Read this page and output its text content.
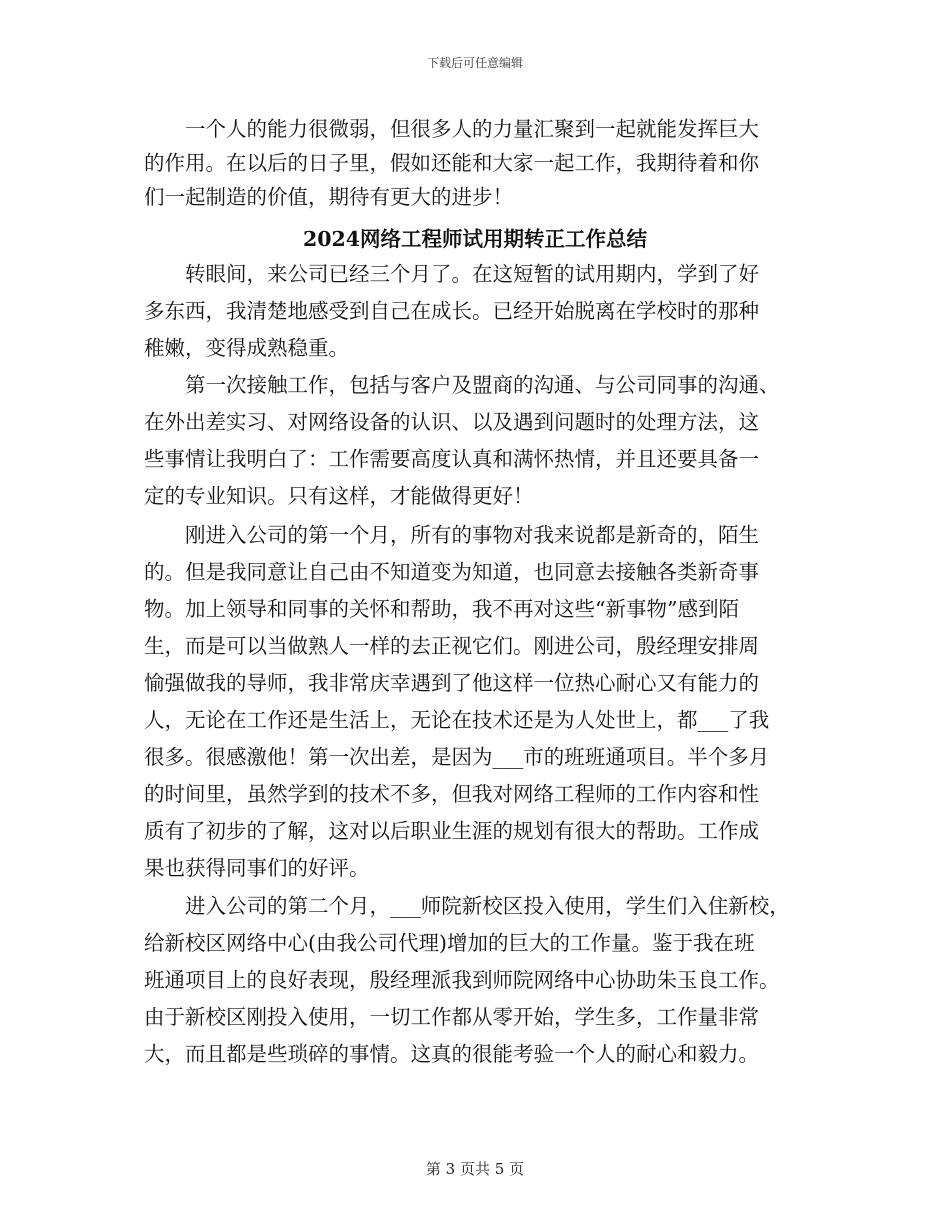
下载后可任意编辑
　　一个人的能力很微弱，但很多人的力量汇聚到一起就能发挥巨大
的作用。在以后的日子里，假如还能和大家一起工作，我期待着和你
们一起制造的价值，期待有更大的进步！
2024网络工程师试用期转正工作总结
　　转眼间，来公司已经三个月了。在这短暂的试用期内，学到了好
多东西，我清楚地感受到自己在成长。已经开始脱离在学校时的那种
稚嫩，变得成熟稳重。
　　第一次接触工作，包括与客户及盟商的沟通、与公司同事的沟通、
在外出差实习、对网络设备的认识、以及遇到问题时的处理方法，这
些事情让我明白了：工作需要高度认真和满怀热情，并且还要具备一
定的专业知识。只有这样，才能做得更好！
　　刚进入公司的第一个月，所有的事物对我来说都是新奇的，陌生
的。但是我同意让自己由不知道变为知道，也同意去接触各类新奇事
物。加上领导和同事的关怀和帮助，我不再对这些“新事物”感到陌
生，而是可以当做熟人一样的去正视它们。刚进公司，殷经理安排周
愉强做我的导师，我非常庆幸遇到了他这样一位热心耐心又有能力的
人，无论在工作还是生活上，无论在技术还是为人处世上，都___了我
很多。很感激他！第一次出差，是因为___市的班班通项目。半个多月
的时间里，虽然学到的技术不多，但我对网络工程师的工作内容和性
质有了初步的了解，这对以后职业生涯的规划有很大的帮助。工作成
果也获得同事们的好评。
　　进入公司的第二个月，___师院新校区投入使用，学生们入住新校，
给新校区网络中心(由我公司代理)增加的巨大的工作量。鉴于我在班
班通项目上的良好表现，殷经理派我到师院网络中心协助朱玉良工作。
由于新校区刚投入使用，一切工作都从零开始，学生多，工作量非常
大，而且都是些琐碎的事情。这真的很能考验一个人的耐心和毅力。
第 3 页共 5 页
